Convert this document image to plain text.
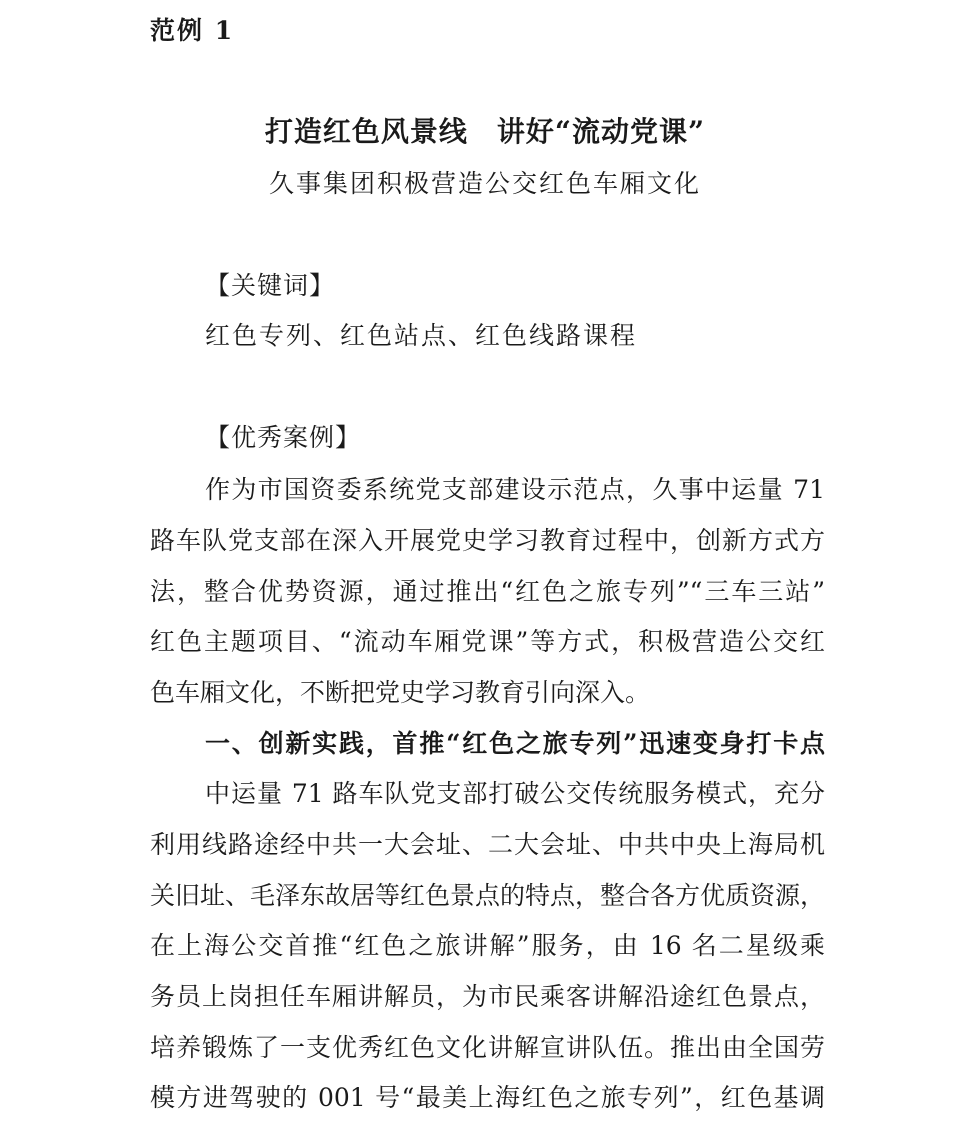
范例 1
打造红色风景线　讲好“流动党课”
久事集团积极营造公交红色车厢文化
【关键词】
红色专列、红色站点、红色线路课程
【优秀案例】
作为市国资委系统党支部建设示范点，久事中运量 71
路车队党支部在深入开展党史学习教育过程中，创新方式方
法，整合优势资源，通过推出“红色之旅专列”“三车三站”
红色主题项目、“流动车厢党课”等方式，积极营造公交红
色车厢文化，不断把党史学习教育引向深入。
一、创新实践，首推“红色之旅专列”迅速变身打卡点
中运量 71 路车队党支部打破公交传统服务模式，充分
利用线路途经中共一大会址、二大会址、中共中央上海局机
关旧址、毛泽东故居等红色景点的特点，整合各方优质资源，
在上海公交首推“红色之旅讲解”服务，由 16 名二星级乘
务员上岗担任车厢讲解员，为市民乘客讲解沿途红色景点，
培养锻炼了一支优秀红色文化讲解宣讲队伍。推出由全国劳
模方进驾驶的 001 号“最美上海红色之旅专列”，红色基调
